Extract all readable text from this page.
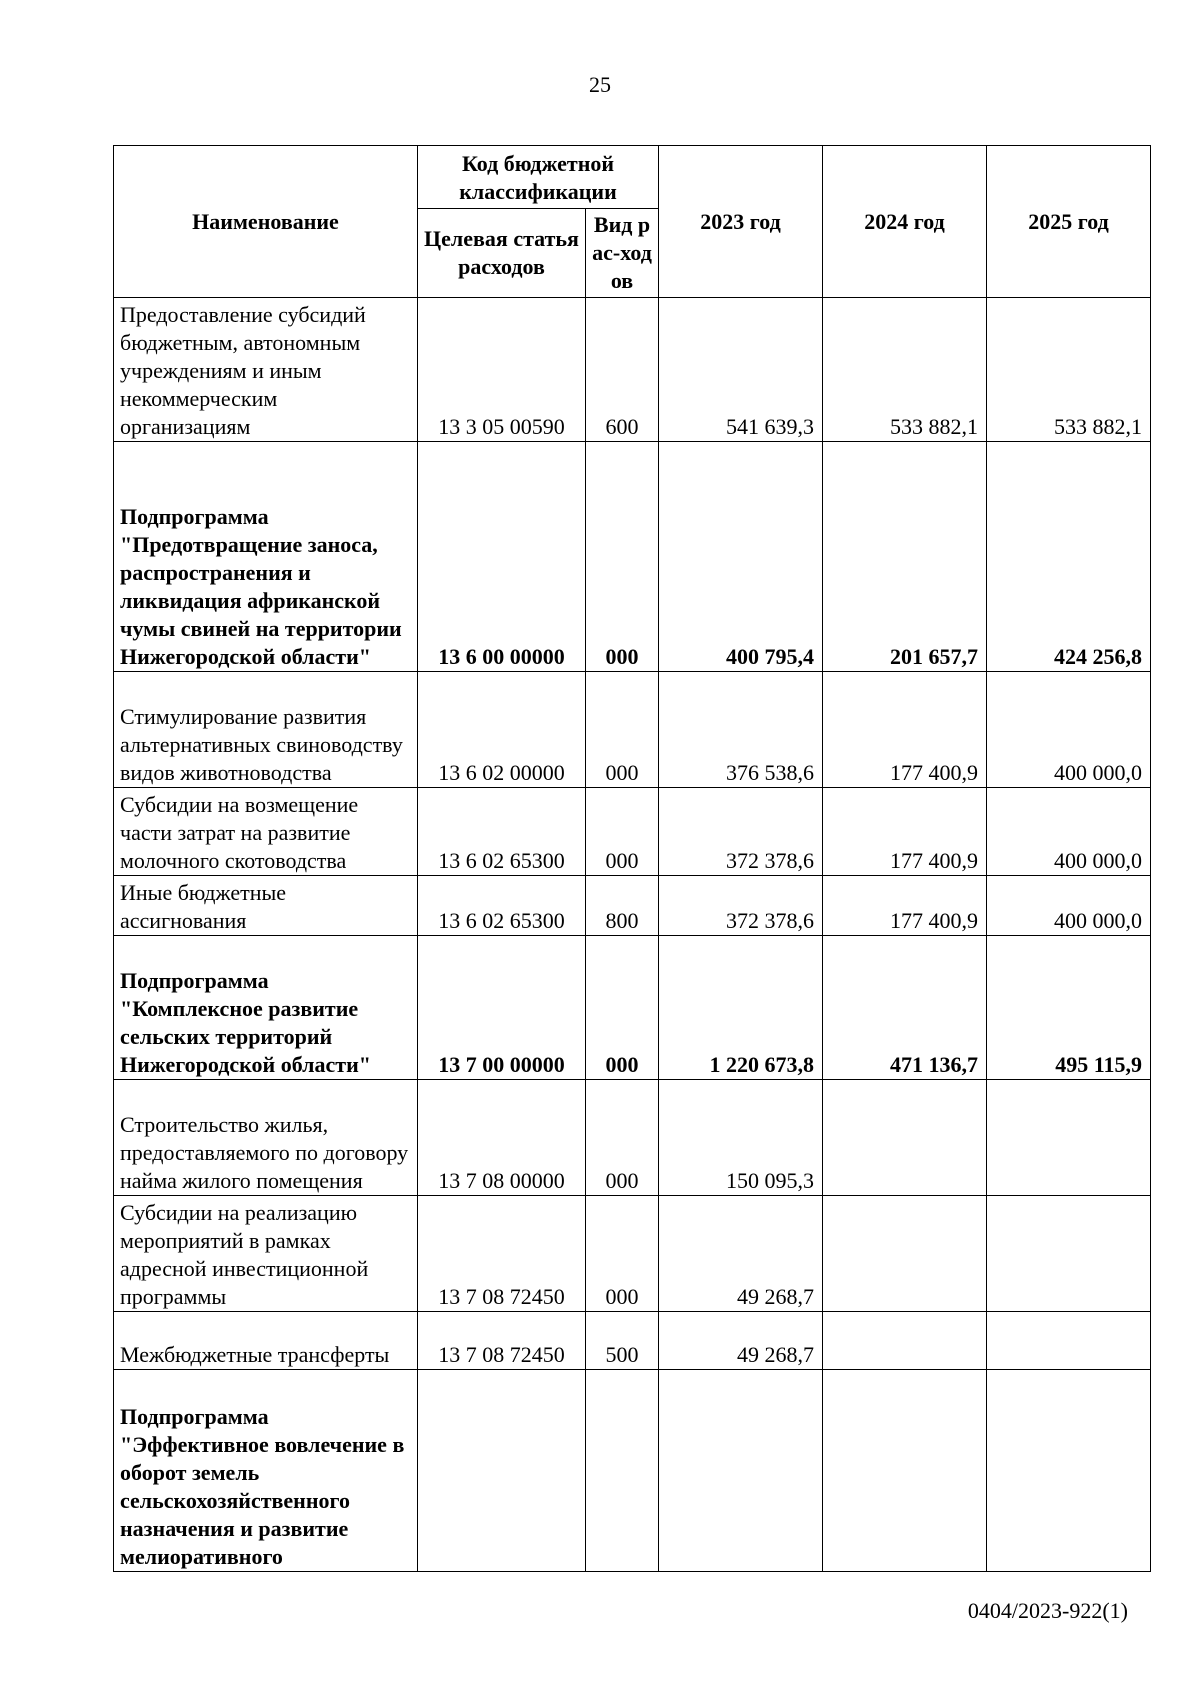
25
Наименование	Код бюджетной классификации		2023 год	2024 год	2025 год
	Целевая статья расходов	Вид рас-ходов			
Предоставление субсидий бюджетным, автономным учреждениям и иным некоммерческим организациям	13 3 05 00590	600	541 639,3	533 882,1	533 882,1
Подпрограмма "Предотвращение заноса, распространения и ликвидация африканской чумы свиней на территории Нижегородской области"	13 6 00 00000	000	400 795,4	201 657,7	424 256,8
Стимулирование развития альтернативных свиноводству видов животноводства	13 6 02 00000	000	376 538,6	177 400,9	400 000,0
Субсидии на возмещение части затрат на развитие молочного скотоводства	13 6 02 65300	000	372 378,6	177 400,9	400 000,0
Иные бюджетные ассигнования	13 6 02 65300	800	372 378,6	177 400,9	400 000,0
Подпрограмма "Комплексное развитие сельских территорий Нижегородской области"	13 7 00 00000	000	1 220 673,8	471 136,7	495 115,9
Строительство жилья, предоставляемого по договору найма жилого помещения	13 7 08 00000	000	150 095,3		
Субсидии на реализацию мероприятий в рамках адресной инвестиционной программы	13 7 08 72450	000	49 268,7		
Межбюджетные трансферты	13 7 08 72450	500	49 268,7		
Подпрограмма "Эффективное вовлечение в оборот земель сельскохозяйственного назначения и развитие мелиоративного					
0404/2023-922(1)
